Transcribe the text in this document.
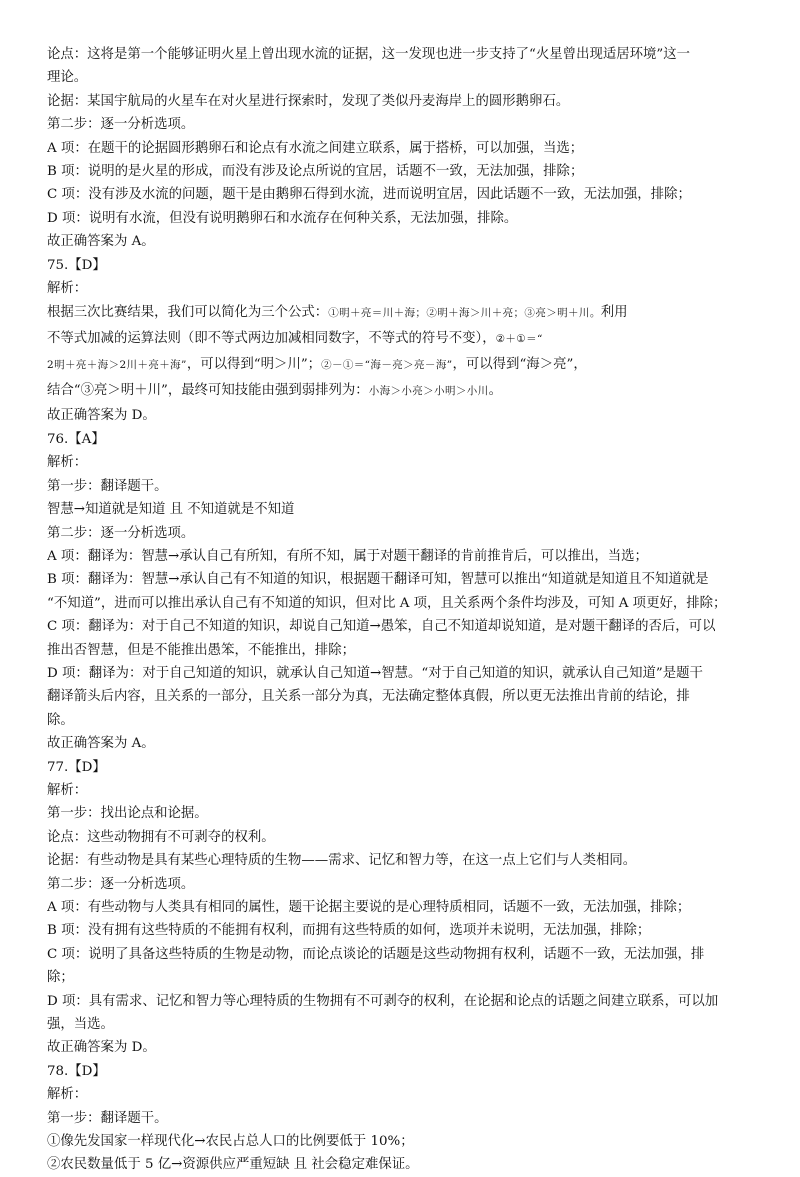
论点：这将是第一个能够证明火星上曾出现水流的证据，这一发现也进一步支持了“火星曾出现适居环境”这一
理论。
论据：某国宇航局的火星车在对火星进行探索时，发现了类似丹麦海岸上的圆形鹅卵石。
第二步：逐一分析选项。
A 项：在题干的论据圆形鹅卵石和论点有水流之间建立联系，属于搭桥，可以加强，当选；
B 项：说明的是火星的形成，而没有涉及论点所说的宜居，话题不一致，无法加强，排除；
C 项：没有涉及水流的问题，题干是由鹅卵石得到水流，进而说明宜居，因此话题不一致，无法加强，排除；
D 项：说明有水流，但没有说明鹅卵石和水流存在何种关系，无法加强，排除。
故正确答案为 A。
75.【D】
解析：
根据三次比赛结果，我们可以简化为三个公式：①明＋亮＝川＋海；②明＋海＞川＋亮；③亮＞明＋川。利用
不等式加减的运算法则（即不等式两边加减相同数字，不等式的符号不变），②＋①＝“
2明＋亮＋海＞2川＋亮＋海”，可以得到“明＞川”；②－①＝“海－亮＞亮－海”，可以得到“海＞亮”，
结合“③亮＞明＋川”，最终可知技能由强到弱排列为：小海＞小亮＞小明＞小川。
故正确答案为 D。
76.【A】
解析：
第一步：翻译题干。
智慧→知道就是知道 且 不知道就是不知道
第二步：逐一分析选项。
A 项：翻译为：智慧→承认自己有所知，有所不知，属于对题干翻译的肯前推肯后，可以推出，当选；
B 项：翻译为：智慧→承认自己有不知道的知识，根据题干翻译可知，智慧可以推出“知道就是知道且不知道就是
“不知道”，进而可以推出承认自己有不知道的知识，但对比 A 项，且关系两个条件均涉及，可知 A 项更好，排除；
C 项：翻译为：对于自己不知道的知识，却说自己知道→愚笨，自己不知道却说知道，是对题干翻译的否后，可以
推出否智慧，但是不能推出愚笨，不能推出，排除；
D 项：翻译为：对于自己知道的知识，就承认自己知道→智慧。“对于自己知道的知识，就承认自己知道”是题干
翻译箭头后内容，且关系的一部分，且关系一部分为真，无法确定整体真假，所以更无法推出肯前的结论，排
除。
故正确答案为 A。
77.【D】
解析：
第一步：找出论点和论据。
论点：这些动物拥有不可剥夺的权利。
论据：有些动物是具有某些心理特质的生物——需求、记忆和智力等，在这一点上它们与人类相同。
第二步：逐一分析选项。
A 项：有些动物与人类具有相同的属性，题干论据主要说的是心理特质相同，话题不一致，无法加强，排除；
B 项：没有拥有这些特质的不能拥有权利，而拥有这些特质的如何，选项并未说明，无法加强，排除；
C 项：说明了具备这些特质的生物是动物，而论点谈论的话题是这些动物拥有权利，话题不一致，无法加强，排
除；
D 项：具有需求、记忆和智力等心理特质的生物拥有不可剥夺的权利，在论据和论点的话题之间建立联系，可以加
强，当选。
故正确答案为 D。
78.【D】
解析：
第一步：翻译题干。
①像先发国家一样现代化→农民占总人口的比例要低于 10%；
②农民数量低于 5 亿→资源供应严重短缺 且 社会稳定难保证。
